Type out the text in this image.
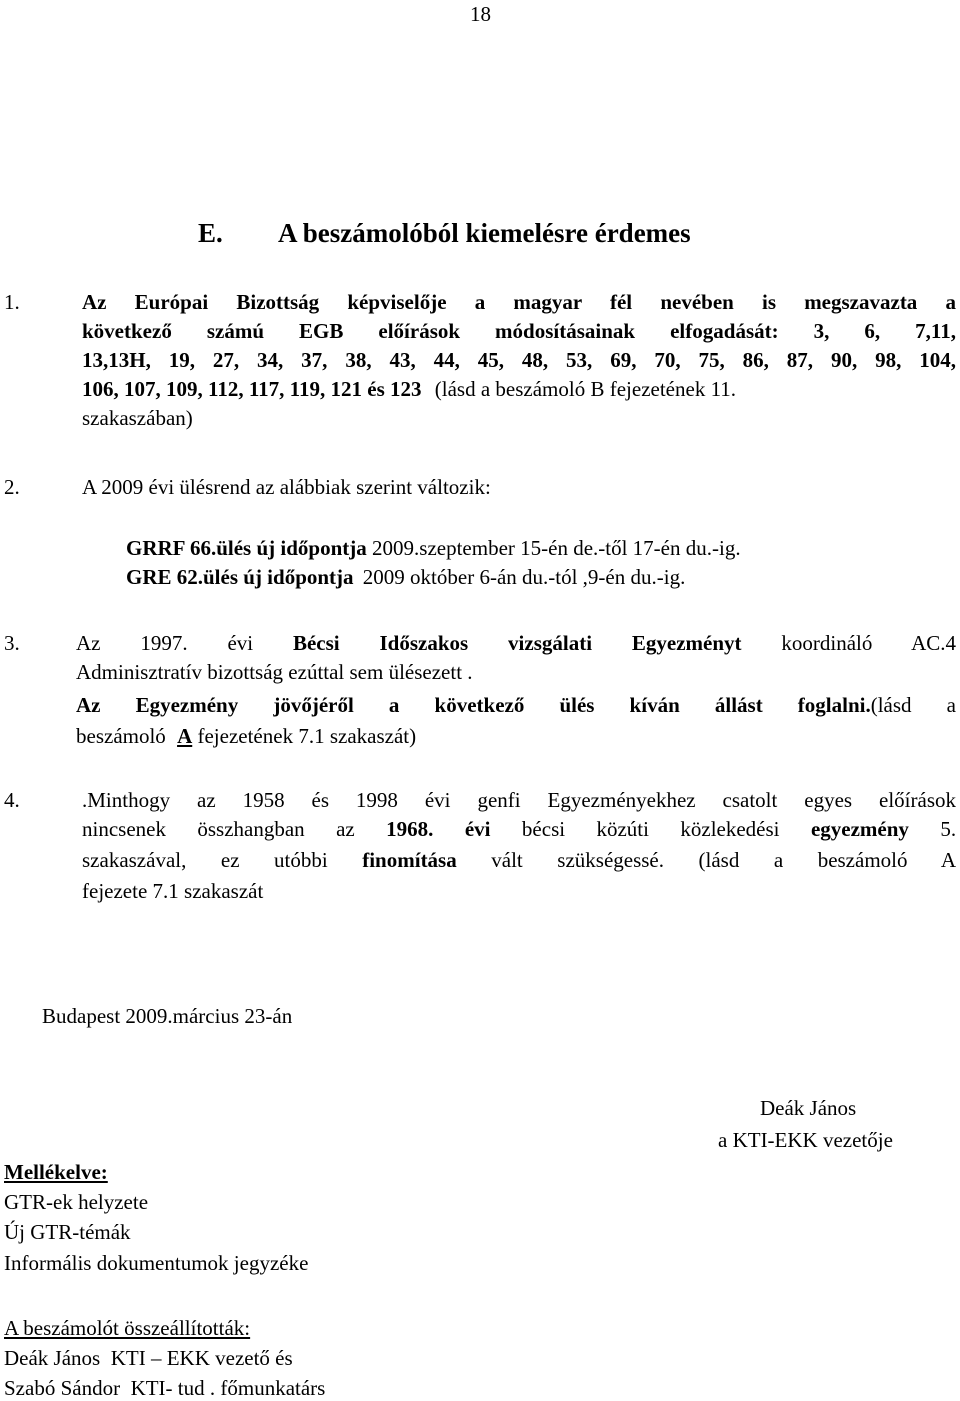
18
E. A beszámolóból kiemelésre érdemes
1.	Az Európai Bizottság képviselője a magyar fél nevében is megszavazta a
következő számú EGB előírások módosításainak elfogadását: 3, 6, 7,11,
13,13H, 19, 27, 34, 37, 38, 43, 44, 45, 48, 53, 69, 70, 75, 86, 87, 90, 98, 104,
106, 107, 109, 112, 117, 119, 121 és 123 (lásd a beszámoló B fejezetének 11.
szakaszában)
2.	A 2009 évi ülésrend az alábbiak szerint változik:
GRRF 66.ülés új időpontja 2009.szeptember 15-én de.-től 17-én du.-ig.
GRE 62.ülés új időpontja 2009 október 6-án du.-tól ,9-én du.-ig.
3.	Az 1997. évi Bécsi Időszakos vizsgálati Egyezményt koordináló AC.4
Adminisztratív bizottság ezúttal sem ülésezett .
Az Egyezmény jövőjéről a következő ülés kíván állást foglalni.(lásd a
beszámoló A fejezetének 7.1 szakaszát)
4.	.Minthogy az 1958 és 1998 évi genfi Egyezményekhez csatolt egyes előírások
nincsenek összhangban az 1968. évi bécsi közúti közlekedési egyezmény 5.
szakaszával, ez utóbbi finomítása vált szükségessé. (lásd a beszámoló A
fejezete 7.1 szakaszát
Budapest 2009.március 23-án
Deák János
a KTI-EKK vezetője
Mellékelve:
GTR-ek helyzete
Új GTR-témák
Informális dokumentumok jegyzéke
A beszámolót összeállították:
Deák János  KTI – EKK vezető és
Szabó Sándor  KTI- tud . főmunkatárs
